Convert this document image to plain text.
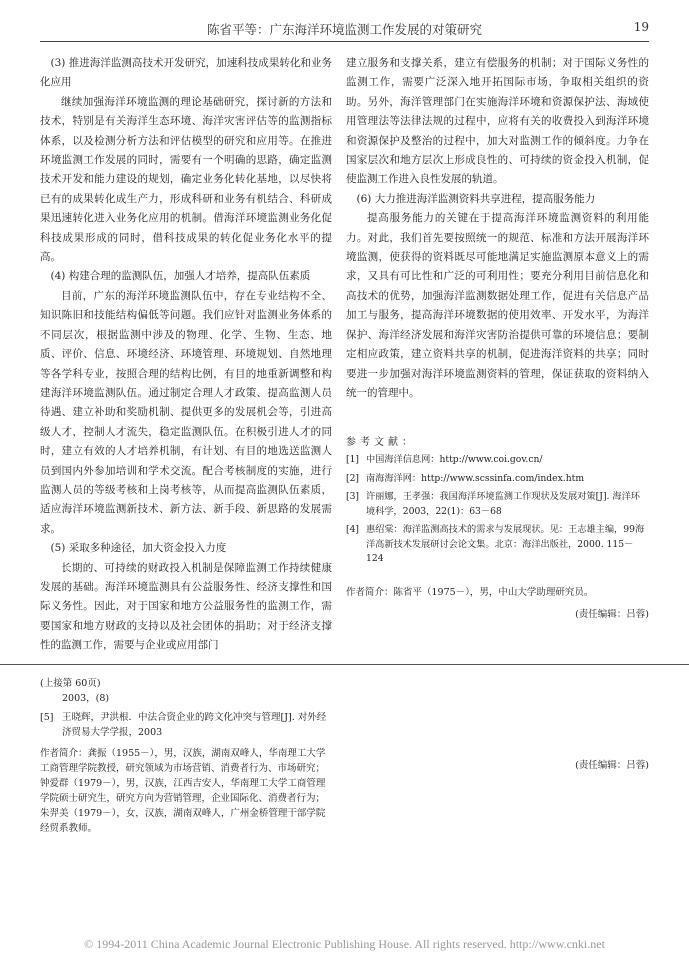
陈省平等：广东海洋环境监测工作发展的对策研究	19

(3) 推进海洋监测高技术开发研究，加速科技成果转化和业务化应用

继续加强海洋环境监测的理论基础研究，探讨新的方法和技术，特别是有关海洋生态环境、海洋灾害评估等的监测指标体系，以及检测分析方法和评估模型的研究和应用等。在推进环境监测工作发展的同时，需要有一个明确的思路，确定监测技术开发和能力建设的规划，确定业务化转化基地，以尽快将已有的成果转化成生产力，形成科研和业务有机结合、科研成果迅速转化进入业务化应用的机制。借海洋环境监测业务化促科技成果形成的同时，借科技成果的转化促业务化水平的提高。

(4) 构建合理的监测队伍，加强人才培养，提高队伍素质

目前，广东的海洋环境监测队伍中，存在专业结构不全、知识陈旧和技能结构偏低等问题。我们应针对监测业务体系的不同层次，根据监测中涉及的物理、化学、生物、生态、地质、评价、信息、环境经济、环境管理、环境规划、自然地理等各学科专业，按照合理的结构比例，有目的地重新调整和构建海洋环境监测队伍。通过制定合理人才政策、提高监测人员待遇、建立补助和奖励机制、提供更多的发展机会等，引进高级人才，控制人才流失，稳定监测队伍。在积极引进人才的同时，建立有效的人才培养机制，有计划、有目的地选送监测人员到国内外参加培训和学术交流。配合考核制度的实施，进行监测人员的等级考核和上岗考核等，从而提高监测队伍素质，适应海洋环境监测新技术、新方法、新手段、新思路的发展需求。

(5) 采取多种途径，加大资金投入力度

长期的、可持续的财政投入机制是保障监测工作持续健康发展的基础。海洋环境监测具有公益服务性、经济支撑性和国际义务性。因此，对于国家和地方公益服务性的监测工作，需要国家和地方财政的支持以及社会团体的捐助；对于经济支撑性的监测工作，需要与企业或应用部门

建立服务和支撑关系，建立有偿服务的机制；对于国际义务性的监测工作，需要广泛深入地开拓国际市场，争取相关组织的资助。另外，海洋管理部门在实施海洋环境和资源保护法、海域使用管理法等法律法规的过程中，应将有关的收费投入到海洋环境和资源保护及整治的过程中，加大对监测工作的倾斜度。力争在国家层次和地方层次上形成良性的、可持续的资金投入机制，促使监测工作进入良性发展的轨道。

(6) 大力推进海洋监测资料共享进程，提高服务能力

提高服务能力的关键在于提高海洋环境监测资料的利用能力。对此，我们首先要按照统一的规范、标准和方法开展海洋环境监测，使获得的资料既尽可能地满足实施监测原本意义上的需求，又具有可比性和广泛的可利用性；要充分利用目前信息化和高技术的优势，加强海洋监测数据处理工作，促进有关信息产品加工与服务，提高海洋环境数据的使用效率、开发水平，为海洋保护、海洋经济发展和海洋灾害防治提供可靠的环境信息；要制定相应政策，建立资料共享的机制，促进海洋资料的共享；同时要进一步加强对海洋环境监测资料的管理，保证获取的资料纳入统一的管理中。

参考文献：
[1] 中国海洋信息网：http://www.coi.gov.cn/
[2] 南海海洋网：http://www.scssinfa.com/index.htm
[3] 许丽娜，王孝强：我国海洋环境监测工作现状及发展对策[J]. 海洋环境科学，2003，22(1)：63－68
[4] 惠绍棠：海洋监测高技术的需求与发展现状。见：王志雄主编，99海洋高新技术发展研讨会论文集。北京：海洋出版社，2000. 115－124
作者简介：陈省平（1975－），男，中山大学助理研究员。
(责任编辑：吕蓉)
(上接第 60页)
2003，(8)
[5] 王晓辉，尹洪根．中法合资企业的跨文化冲突与管理[J]. 对外经济贸易大学学报，2003
作者简介：龚振（1955－），男，汉族，湖南双峰人，华南理工大学工商管理学院教授，研究领域为市场营销、消费者行为、市场研究；钟爱群（1979－），男，汉族，江西吉安人，华南理工大学工商管理学院硕士研究生，研究方向为营销管理，企业国际化、消费者行为；朱羿美（1979－），女，汉族，湖南双峰人，广州金桥管理干部学院经贸系教师。
(责任编辑：吕蓉)
© 1994-2011 China Academic Journal Electronic Publishing House. All rights reserved. http://www.cnki.net
